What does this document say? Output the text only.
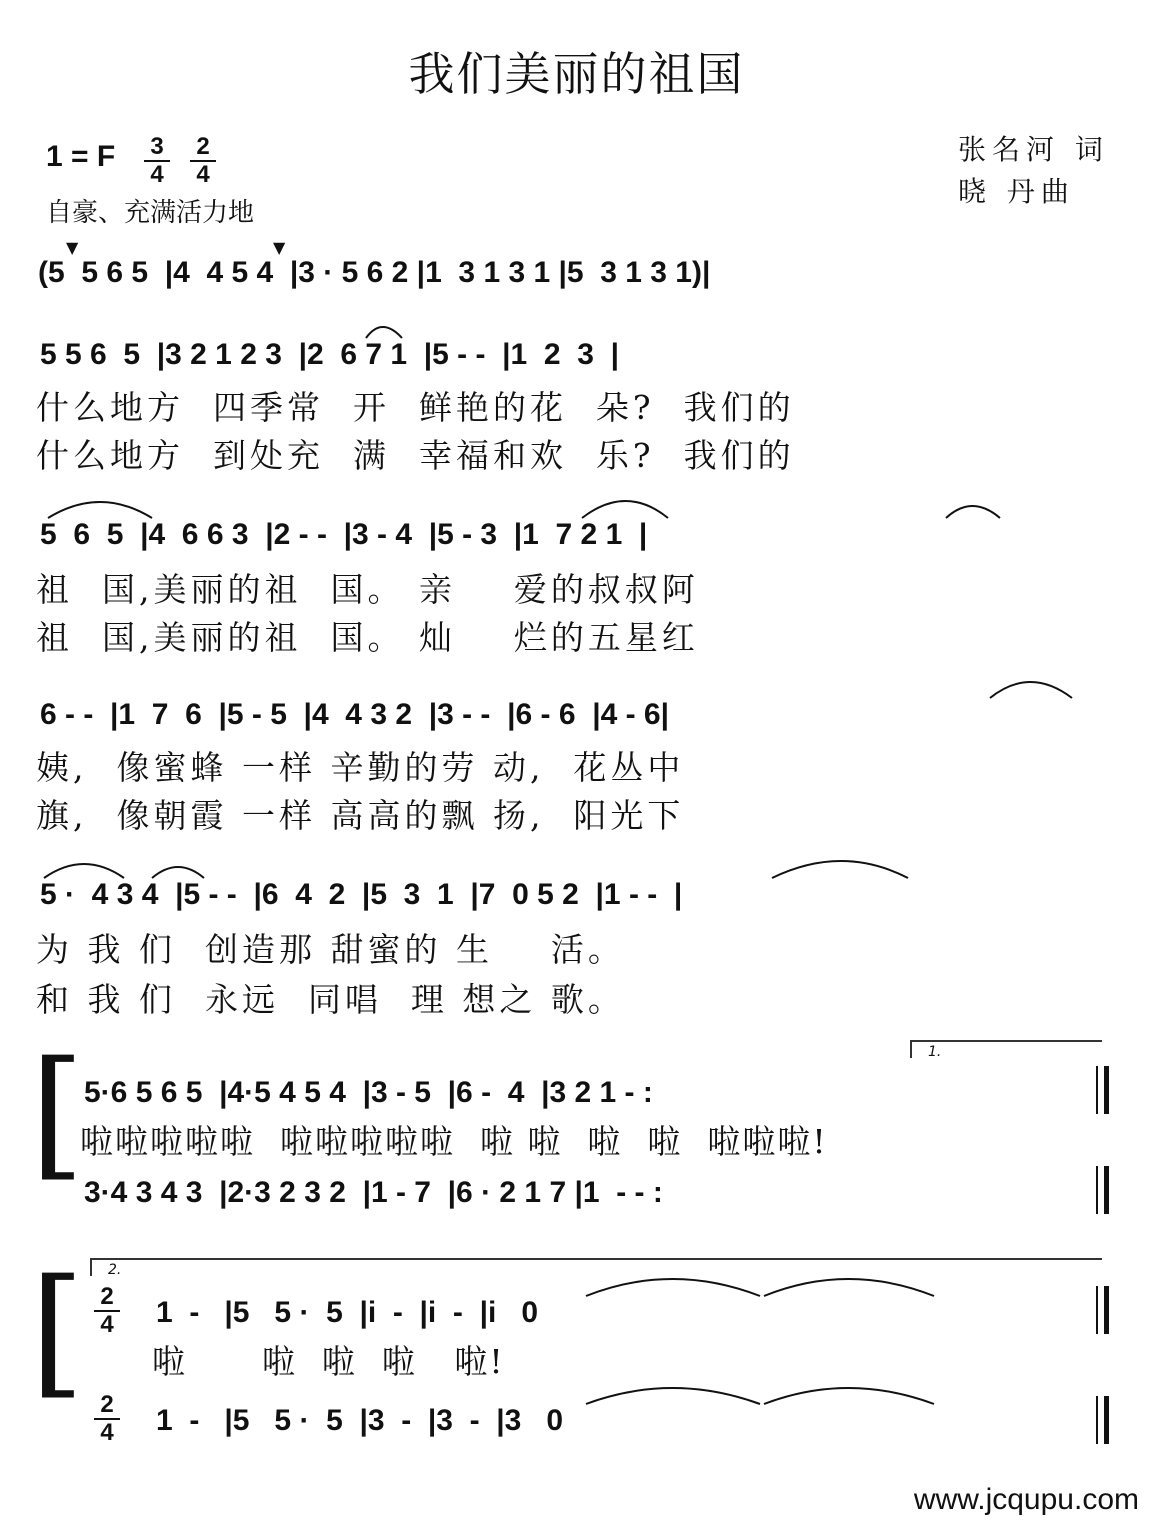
我们美丽的祖国
1 = F	3
4
2
4
自豪、充满活力地
张名河 词
晓 丹曲
▼	▼
(5  5 6 5  |4  4 5 4  |3 · 5 6 2 |1  3 1 3 1 |5  3 1 3 1)|
5 5 6  5  |3 2 1 2 3  |2  6 7 1  |5 - -  |1  2  3  |
什么地方  四季常  开  鲜艳的花  朵?  我们的
什么地方  到处充  满  幸福和欢  乐?  我们的
5  6  5  |4  6 6 3  |2 - -  |3 - 4  |5 - 3  |1  7 2 1  |
祖  国,美丽的祖  国。 亲    爱的叔叔阿
祖  国,美丽的祖  国。 灿    烂的五星红
6 - -  |1  7  6  |5 - 5  |4  4 3 2  |3 - -  |6 - 6  |4 - 6|
姨,  像蜜蜂 一样 辛勤的劳 动,  花丛中
旗,  像朝霞 一样 高高的飘 扬,  阳光下
5 ·  4 3 4  |5 - -  |6  4  2  |5  3  1  |7  0 5 2  |1 - -  |
为 我 们  创造那 甜蜜的 生    活。
和 我 们  永远  同唱  理 想之 歌。
[	1.
5·6 5 6 5  |4·5 4 5 4  |3 - 5  |6 -  4  |3 2 1 - :
啦啦啦啦啦  啦啦啦啦啦  啦 啦  啦  啦  啦啦啦!
3·4 3 4 3  |2·3 2 3 2  |1 - 7  |6 · 2 1 7 |1  - - :
[	2.
2
4 1  -   |5   5 ·  5  |i  -  |i  -  |i   0
啦      啦  啦  啦   啦!
2
4 1  -   |5   5 ·  5  |3  -  |3  -  |3   0
www.jcqupu.com
